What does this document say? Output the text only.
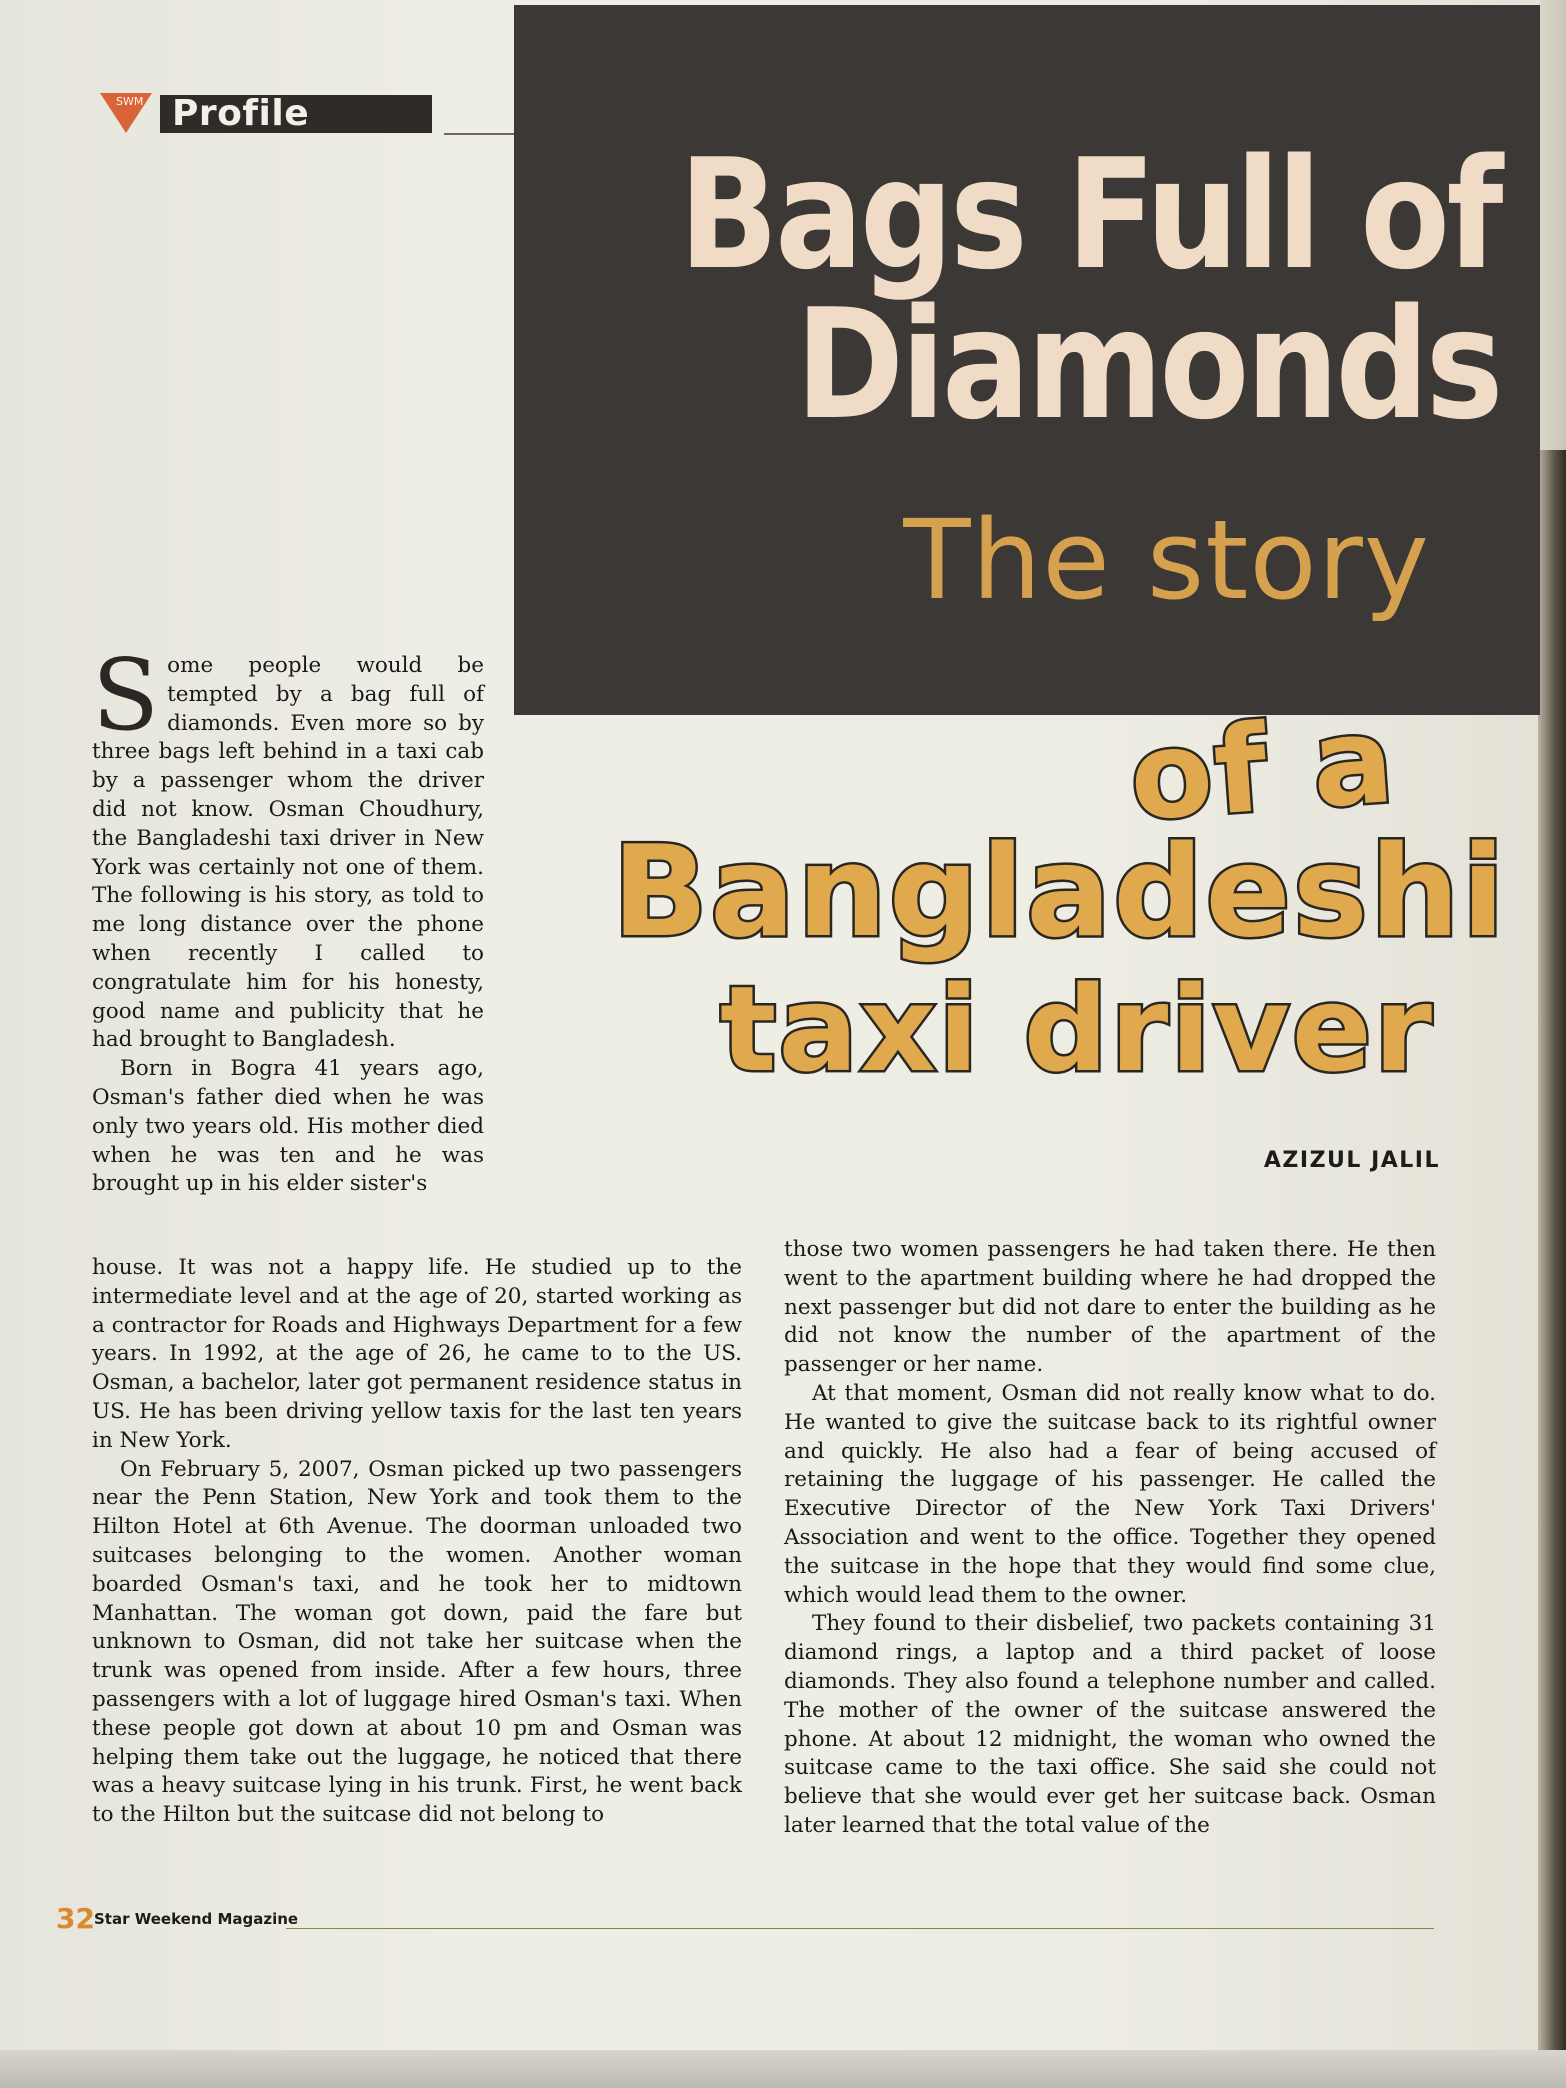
SWM Profile
Bags Full of
Diamonds
The story
of a
Bangladeshi
taxi driver
AZIZUL JALIL

Some people would be tempted by a bag full of diamonds. Even more so by three bags left behind in a taxi cab by a passenger whom the driver did not know. Osman Choudhury, the Bangladeshi taxi driver in New York was certainly not one of them. The following is his story, as told to me long distance over the phone when recently I called to congratulate him for his honesty, good name and publicity that he had brought to Bangladesh.

Born in Bogra 41 years ago, Osman's father died when he was only two years old. His mother died when he was ten and he was brought up in his elder sister's

house. It was not a happy life. He studied up to the intermediate level and at the age of 20, started working as a contractor for Roads and Highways Department for a few years. In 1992, at the age of 26, he came to to the US. Osman, a bachelor, later got permanent residence status in US. He has been driving yellow taxis for the last ten years in New York.

On February 5, 2007, Osman picked up two passengers near the Penn Station, New York and took them to the Hilton Hotel at 6th Avenue. The doorman unloaded two suitcases belonging to the women. Another woman boarded Osman's taxi, and he took her to midtown Manhattan. The woman got down, paid the fare but unknown to Osman, did not take her suitcase when the trunk was opened from inside. After a few hours, three passengers with a lot of luggage hired Osman's taxi. When these people got down at about 10 pm and Osman was helping them take out the luggage, he noticed that there was a heavy suitcase lying in his trunk. First, he went back to the Hilton but the suitcase did not belong to

those two women passengers he had taken there. He then went to the apartment building where he had dropped the next passenger but did not dare to enter the building as he did not know the number of the apartment of the passenger or her name.

At that moment, Osman did not really know what to do. He wanted to give the suitcase back to its rightful owner and quickly. He also had a fear of being accused of retaining the luggage of his passenger. He called the Executive Director of the New York Taxi Drivers' Association and went to the office. Together they opened the suitcase in the hope that they would find some clue, which would lead them to the owner.

They found to their disbelief, two packets containing 31 diamond rings, a laptop and a third packet of loose diamonds. They also found a telephone number and called. The mother of the owner of the suitcase answered the phone. At about 12 midnight, the woman who owned the suitcase came to the taxi office. She said she could not believe that she would ever get her suitcase back. Osman later learned that the total value of the

32 Star Weekend Magazine
